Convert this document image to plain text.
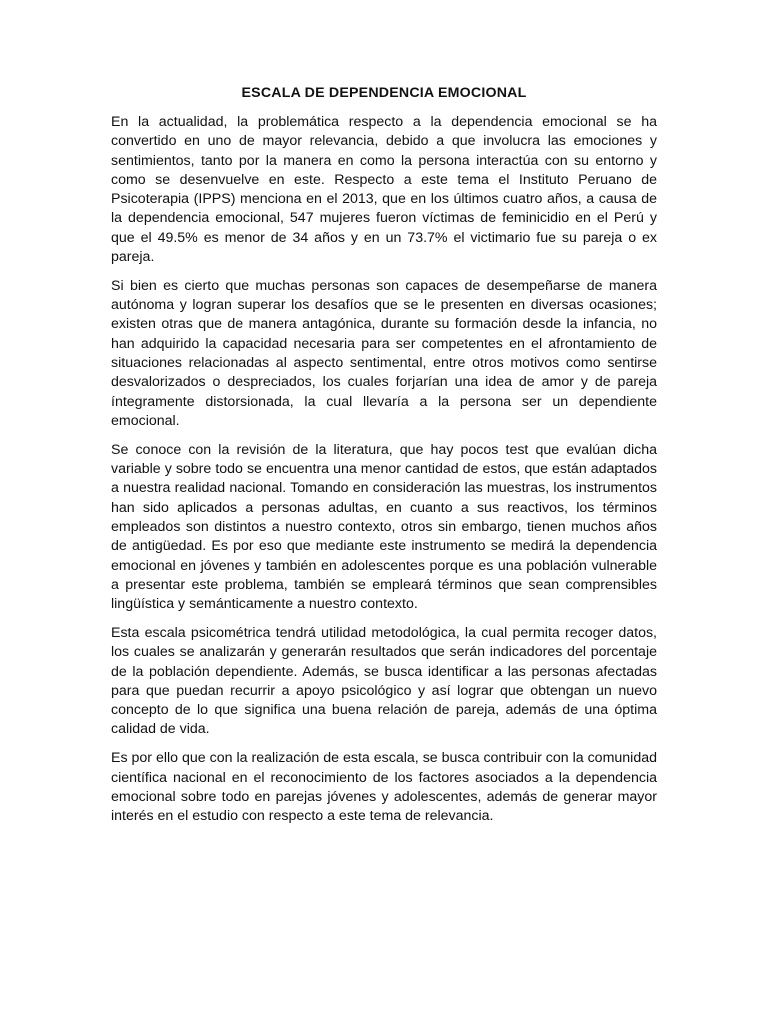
ESCALA DE DEPENDENCIA EMOCIONAL

En la actualidad, la problemática respecto a la dependencia emocional se ha convertido en uno de mayor relevancia, debido a que involucra las emociones y sentimientos, tanto por la manera en como la persona interactúa con su entorno y como se desenvuelve en este. Respecto a este tema el Instituto Peruano de Psicoterapia (IPPS) menciona en el 2013, que en los últimos cuatro años, a causa de la dependencia emocional, 547 mujeres fueron víctimas de feminicidio en el Perú y que el 49.5% es menor de 34 años y en un 73.7% el victimario fue su pareja o ex pareja.

Si bien es cierto que muchas personas son capaces de desempeñarse de manera autónoma y logran superar los desafíos que se le presenten en diversas ocasiones; existen otras que de manera antagónica, durante su formación desde la infancia, no han adquirido la capacidad necesaria para ser competentes en el afrontamiento de situaciones relacionadas al aspecto sentimental, entre otros motivos como sentirse desvalorizados o despreciados, los cuales forjarían una idea de amor y de pareja íntegramente distorsionada, la cual llevaría a la persona ser un dependiente emocional.

Se conoce con la revisión de la literatura, que hay pocos test que evalúan dicha variable y sobre todo se encuentra una menor cantidad de estos, que están adaptados a nuestra realidad nacional. Tomando en consideración las muestras, los instrumentos han sido aplicados a personas adultas, en cuanto a sus reactivos, los términos empleados son distintos a nuestro contexto, otros sin embargo, tienen muchos años de antigüedad. Es por eso que mediante este instrumento se medirá la dependencia emocional en jóvenes y también en adolescentes porque es una población vulnerable a presentar este problema, también se empleará términos que sean comprensibles lingüística y semánticamente a nuestro contexto.

Esta escala psicométrica tendrá utilidad metodológica, la cual permita recoger datos, los cuales se analizarán y generarán resultados que serán indicadores del porcentaje de la población dependiente. Además, se busca identificar a las personas afectadas para que puedan recurrir a apoyo psicológico y así lograr que obtengan un nuevo concepto de lo que significa una buena relación de pareja, además de una óptima calidad de vida.

Es por ello que con la realización de esta escala, se busca contribuir con la comunidad científica nacional en el reconocimiento de los factores asociados a la dependencia emocional sobre todo en parejas jóvenes y adolescentes, además de generar mayor interés en el estudio con respecto a este tema de relevancia.
